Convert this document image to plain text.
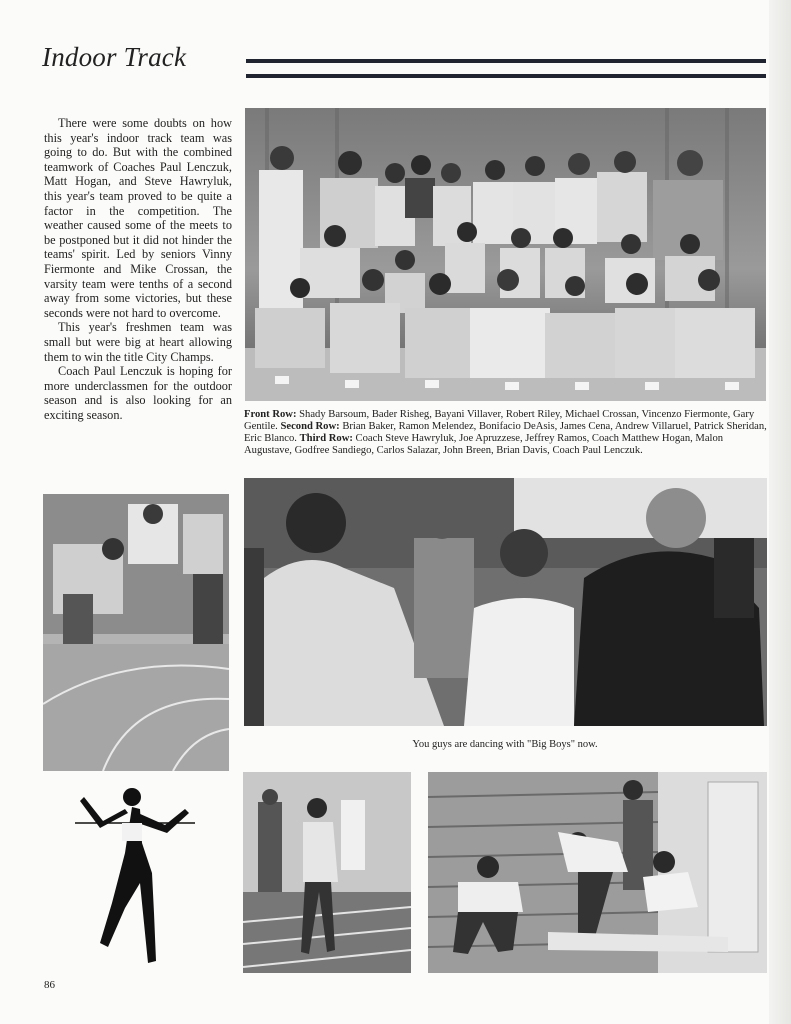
Indoor Track

There were some doubts on how this year's indoor track team was going to do. But with the combined teamwork of Coaches Paul Lenczuk, Matt Hogan, and Steve Hawryluk, this year's team proved to be quite a factor in the competition. The weather caused some of the meets to be postponed but it did not hinder the teams' spirit. Led by seniors Vinny Fiermonte and Mike Crossan, the varsity team were tenths of a second away from some victories, but these seconds were not hard to overcome.

This year's freshmen team was small but were big at heart allowing them to win the title City Champs.

Coach Paul Lenczuk is hoping for more underclassmen for the outdoor season and is also looking for an exciting season.	Front Row: Shady Barsoum, Bader Risheg, Bayani Villaver, Robert Riley, Michael Crossan, Vincenzo Fiermonte, Gary Gentile. Second Row: Brian Baker, Ramon Melendez, Bonifacio DeAsis, James Cena, Andrew Villaruel, Patrick Sheridan, Eric Blanco. Third Row: Coach Steve Hawryluk, Joe Apruzzese, Jeffrey Ramos, Coach Matthew Hogan, Malon Augustave, Godfree Sandiego, Carlos Salazar, John Breen, Brian Davis, Coach Paul Lenczuk.
You guys are dancing with "Big Boys" now.
86
